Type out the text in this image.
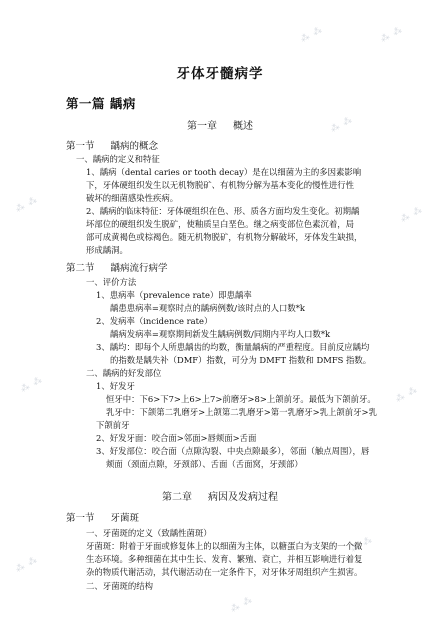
⁂ ⁂	⁂ ⁂
⁂ ⁂
⁂ ⁂
⁂ ⁂
⁂ ⁂	⁂ ⁂
⁂ ⁂
⁂ ⁂
⁂ ⁂
牙体牙髓病学
第一篇 龋病
第一章 概述
第一节 龋病的概念
一、龋病的定义和特征
1、龋病（dental caries or tooth decay）是在以细菌为主的多因素影响
下，牙体硬组织发生以无机物脱矿、有机物分解为基本变化的慢性进行性
破坏的细菌感染性疾病。
2、龋病的临床特征：牙体硬组织在色、形、质各方面均发生变化。初期龋
坏部位的硬组织发生脱矿，使釉质呈白垩色。继之病变部位色素沉着，局
部可成黄褐色或棕褐色。随无机物脱矿，有机物分解破坏，牙体发生缺损，
形成龋洞。
第二节 龋病流行病学
一、评价方法
1、患病率（prevalence rate）即患龋率
龋患患病率=观察时点的龋病例数/该时点的人口数*k
2、发病率（incidence rate）
龋病发病率=观察期间新发生龋病例数/同期内平均人口数*k
3、龋均：即每个人所患龋齿的均数，衡量龋病的严重程度。目前反应龋均
的指数是龋失补（DMF）指数，可分为 DMFT 指数和 DMFS 指数。
二、龋病的好发部位
1、好发牙
恒牙中：下6>下7>上6>上7>前磨牙>8>上颌前牙。最低为下颌前牙。
乳牙中：下颌第二乳磨牙>上颌第二乳磨牙>第一乳磨牙>乳上颌前牙>乳
下颌前牙
2、好发牙面：咬合面>邻面>唇颊面>舌面
3、好发部位：咬合面（点隙沟裂、中央点隙最多），邻面（触点周围），唇
颊面（颈面点隙，牙颈部）、舌面（舌面窝，牙颈部）
第二章 病因及发病过程
第一节 牙菌斑
一、牙菌斑的定义（致龋性菌斑）
牙菌斑：附着于牙面或修复体上的以细菌为主体，以糖蛋白为支架的一个微
生态环境。多种细菌在其中生长、发育、繁殖、衰亡，并相互影响进行着复
杂的物质代谢活动，其代谢活动在一定条件下，对牙体牙周组织产生损害。
二、牙菌斑的结构
